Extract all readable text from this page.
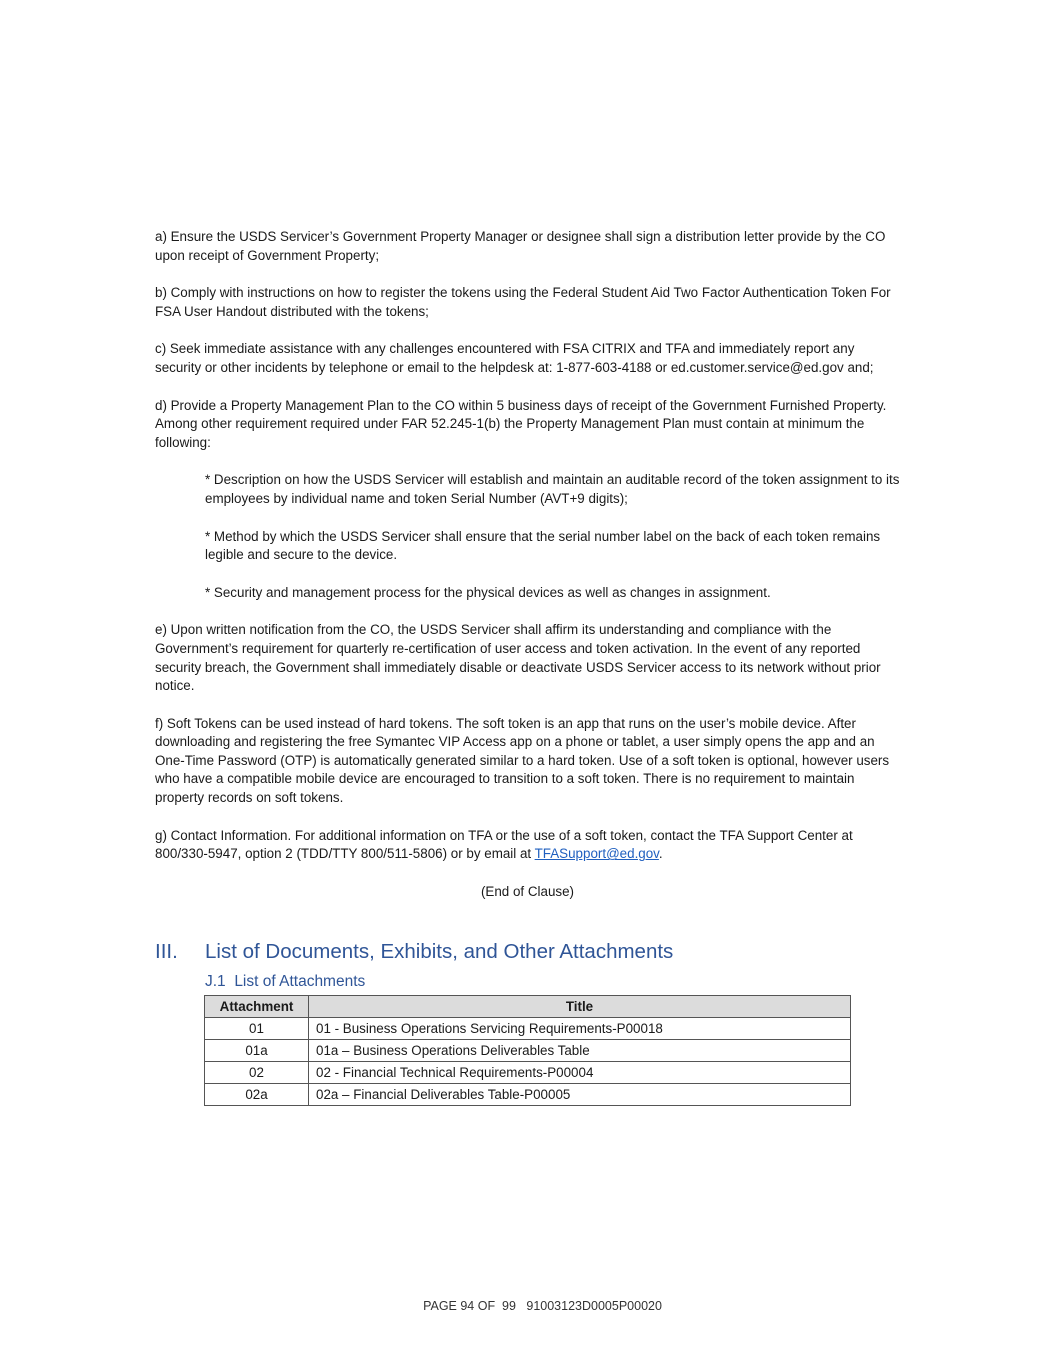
a) Ensure the USDS Servicer’s Government Property Manager or designee shall sign a distribution letter provide by the CO upon receipt of Government Property;

b) Comply with instructions on how to register the tokens using the Federal Student Aid Two Factor Authentication Token For FSA User Handout distributed with the tokens;

c) Seek immediate assistance with any challenges encountered with FSA CITRIX and TFA and immediately report any security or other incidents by telephone or email to the helpdesk at: 1-877-603-4188 or ed.customer.service@ed.gov and;

d) Provide a Property Management Plan to the CO within 5 business days of receipt of the Government Furnished Property. Among other requirement required under FAR 52.245-1(b) the Property Management Plan must contain at minimum the following:

* Description on how the USDS Servicer will establish and maintain an auditable record of the token assignment to its employees by individual name and token Serial Number (AVT+9 digits);

* Method by which the USDS Servicer shall ensure that the serial number label on the back of each token remains legible and secure to the device.

* Security and management process for the physical devices as well as changes in assignment.

e) Upon written notification from the CO, the USDS Servicer shall affirm its understanding and compliance with the Government’s requirement for quarterly re-certification of user access and token activation. In the event of any reported security breach, the Government shall immediately disable or deactivate USDS Servicer access to its network without prior notice.

f) Soft Tokens can be used instead of hard tokens. The soft token is an app that runs on the user’s mobile device. After downloading and registering the free Symantec VIP Access app on a phone or tablet, a user simply opens the app and an One-Time Password (OTP) is automatically generated similar to a hard token. Use of a soft token is optional, however users who have a compatible mobile device are encouraged to transition to a soft token. There is no requirement to maintain property records on soft tokens.

g) Contact Information. For additional information on TFA or the use of a soft token, contact the TFA Support Center at 800/330-5947, option 2 (TDD/TTY 800/511-5806) or by email at TFASupport@ed.gov.

(End of Clause)

III. List of Documents, Exhibits, and Other Attachments
J.1 List of Attachments
Attachment	Title
01	01 - Business Operations Servicing Requirements-P00018
01a	01a – Business Operations Deliverables Table
02	02 - Financial Technical Requirements-P00004
02a	02a – Financial Deliverables Table-P00005
PAGE 94 OF 99 91003123D0005P00020
